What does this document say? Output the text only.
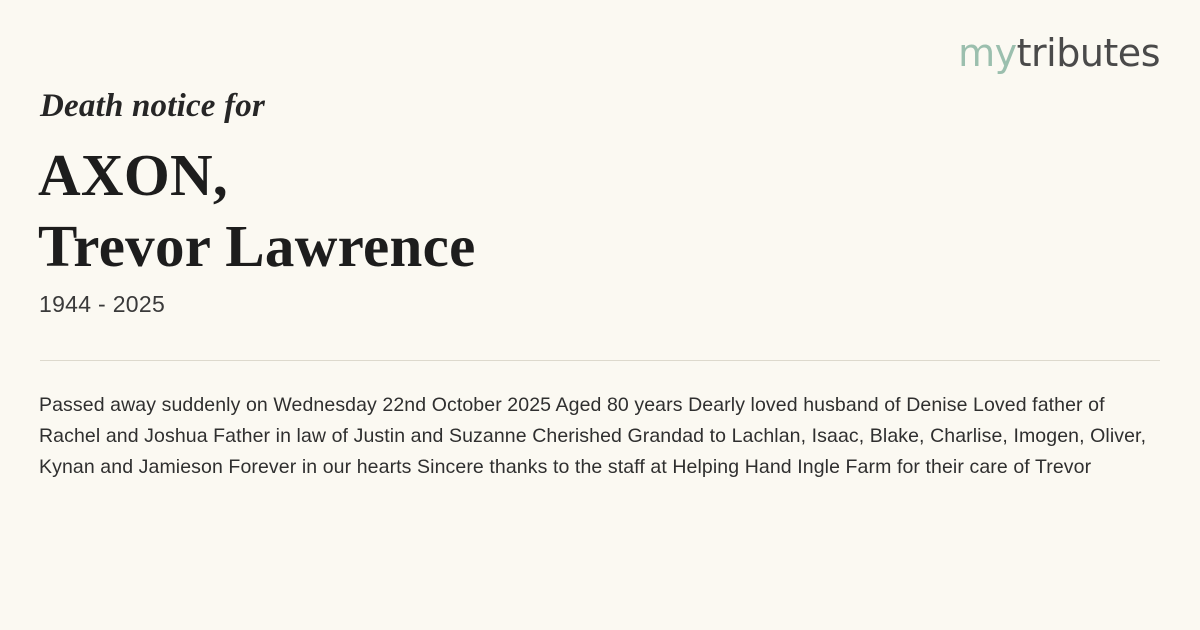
mytributes
Death notice for
AXON,
Trevor Lawrence
1944 - 2025
Passed away suddenly on Wednesday 22nd October 2025 Aged 80 years Dearly loved husband of Denise Loved father of Rachel and Joshua Father in law of Justin and Suzanne Cherished Grandad to Lachlan, Isaac, Blake, Charlise, Imogen, Oliver, Kynan and Jamieson Forever in our hearts Sincere thanks to the staff at Helping Hand Ingle Farm for their care of Trevor
